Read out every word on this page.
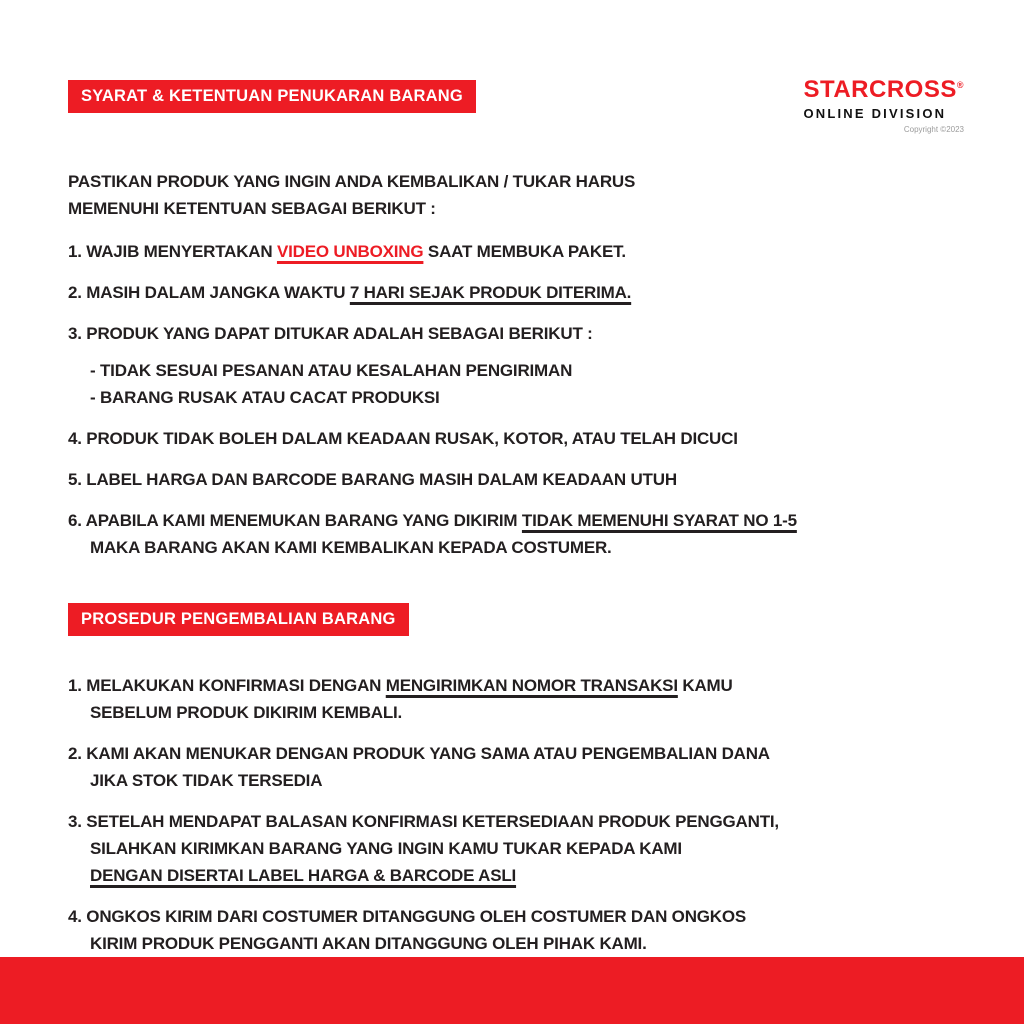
SYARAT & KETENTUAN PENUKARAN BARANG	STARCROSS®
ONLINE DIVISION
Copyright ©2023
PASTIKAN PRODUK YANG INGIN ANDA KEMBALIKAN / TUKAR HARUS
MEMENUHI KETENTUAN SEBAGAI BERIKUT :
1. WAJIB MENYERTAKAN VIDEO UNBOXING SAAT MEMBUKA PAKET.
2. MASIH DALAM JANGKA WAKTU 7 HARI SEJAK PRODUK DITERIMA.
3. PRODUK YANG DAPAT DITUKAR ADALAH SEBAGAI BERIKUT :
- TIDAK SESUAI PESANAN ATAU KESALAHAN PENGIRIMAN
- BARANG RUSAK ATAU CACAT PRODUKSI
4. PRODUK TIDAK BOLEH DALAM KEADAAN RUSAK, KOTOR, ATAU TELAH DICUCI
5. LABEL HARGA DAN BARCODE BARANG MASIH DALAM KEADAAN UTUH
6. APABILA KAMI MENEMUKAN BARANG YANG DIKIRIM TIDAK MEMENUHI SYARAT NO 1-5
MAKA BARANG AKAN KAMI KEMBALIKAN KEPADA COSTUMER.
PROSEDUR PENGEMBALIAN BARANG
1. MELAKUKAN KONFIRMASI DENGAN MENGIRIMKAN NOMOR TRANSAKSI KAMU
SEBELUM PRODUK DIKIRIM KEMBALI.
2. KAMI AKAN MENUKAR DENGAN PRODUK YANG SAMA ATAU PENGEMBALIAN DANA
JIKA STOK TIDAK TERSEDIA
3. SETELAH MENDAPAT BALASAN KONFIRMASI KETERSEDIAAN PRODUK PENGGANTI,
SILAHKAN KIRIMKAN BARANG YANG INGIN KAMU TUKAR KEPADA KAMI
DENGAN DISERTAI LABEL HARGA & BARCODE ASLI
4. ONGKOS KIRIM DARI COSTUMER DITANGGUNG OLEH COSTUMER DAN ONGKOS
KIRIM PRODUK PENGGANTI AKAN DITANGGUNG OLEH PIHAK KAMI.
